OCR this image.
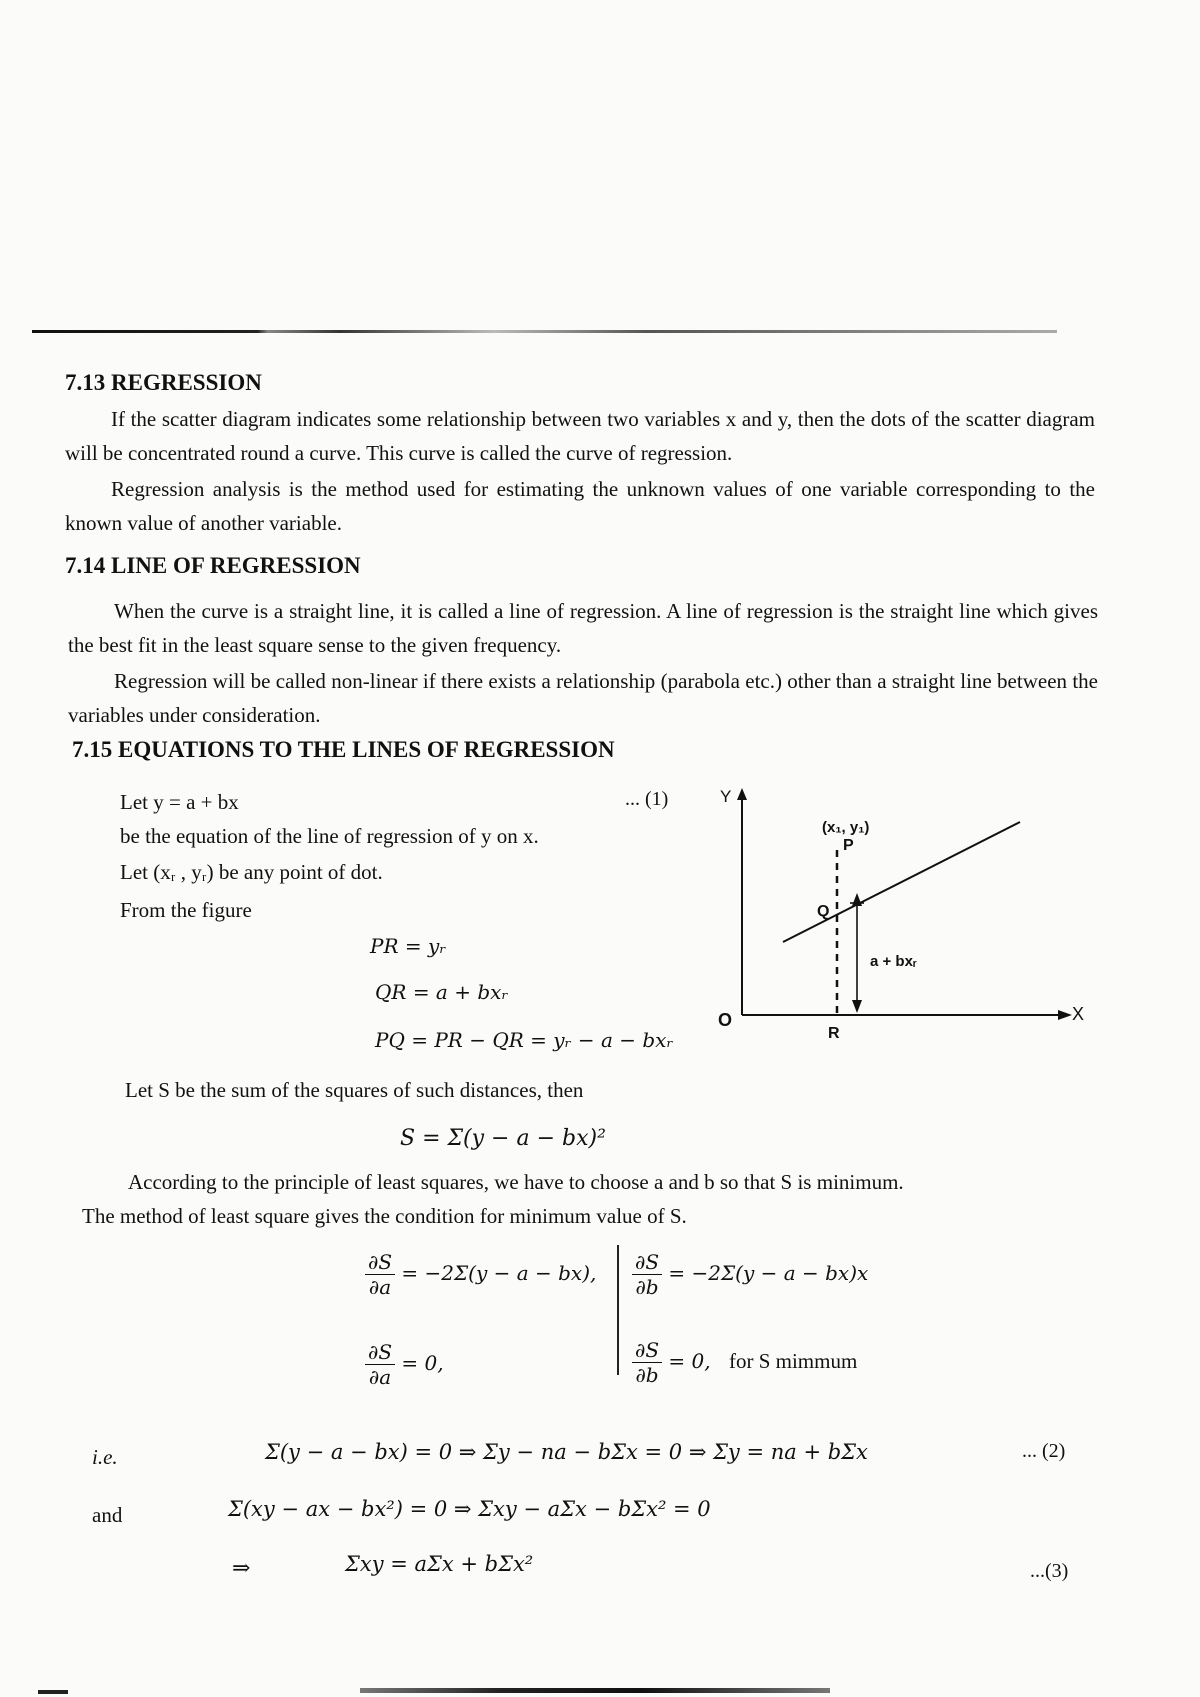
7.13 REGRESSION

If the scatter diagram indicates some relationship between two variables x and y, then the dots of the scatter diagram will be concentrated round a curve. This curve is called the curve of regression.

Regression analysis is the method used for estimating the unknown values of one variable corresponding to the known value of another variable.

7.14 LINE OF REGRESSION

When the curve is a straight line, it is called a line of regression. A line of regression is the straight line which gives the best fit in the least square sense to the given frequency.

Regression will be called non-linear if there exists a relationship (parabola etc.) other than a straight line between the variables under consideration.

7.15 EQUATIONS TO THE LINES OF REGRESSION
Let y = a + bx	... (1)
be the equation of the line of regression of y on x.
Let (xᵣ , yᵣ) be any point of dot.
From the figure
PR = yᵣ
QR = a + bxᵣ
PQ = PR − QR = yᵣ − a − bxᵣ
Y
X
O
(x₁, y₁)
P
Q
R
a + bxᵣ
Let S be the sum of the squares of such distances, then
S = Σ(y − a − bx)²

According to the principle of least squares, we have to choose a and b so that S is minimum.
The method of least square gives the condition for minimum value of S.

$\frac{\partial S}{\partial a} = -2\Sigma(y - a - bx)$, $\frac{\partial S}{\partial b} = -2\Sigma(y - a - bx)x$
$\frac{\partial S}{\partial a} = 0$,	$\frac{\partial S}{\partial b} = 0$, for S mimmum
i.e.	Σ(y − a − bx) = 0 ⇒ Σy − na − bΣx = 0 ⇒ Σy = na + bΣx	... (2)
and	Σ(xy − ax − bx²) = 0 ⇒ Σxy − aΣx − bΣx² = 0
⇒	Σxy = aΣx + bΣx²	...(3)
